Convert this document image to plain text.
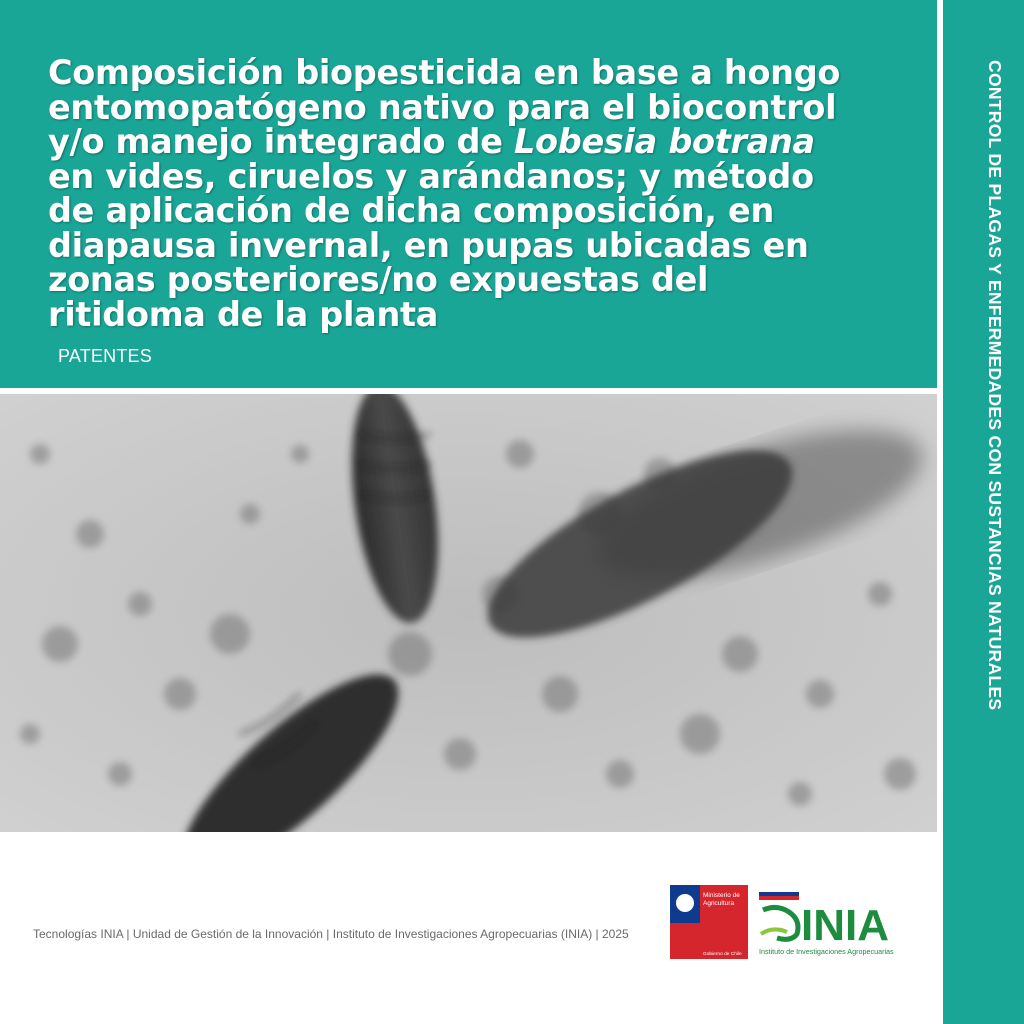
Composición biopesticida en base a hongo
entomopatógeno nativo para el biocontrol
y/o manejo integrado de Lobesia botrana
en vides, ciruelos y arándanos; y método
de aplicación de dicha composición, en
diapausa invernal, en pupas ubicadas en
zonas posteriores/no expuestas del
ritidoma de la planta
PATENTES	CONTROL DE PLAGAS Y ENFERMEDADES CON SUSTANCIAS NATURALES
Tecnologías INIA | Unidad de Gestión de la Innovación | Instituto de Investigaciones Agropecuarias (INIA) | 2025
Ministerio de
Agricultura
Gobierno de Chile
INIA
Instituto de Investigaciones Agropecuarias
